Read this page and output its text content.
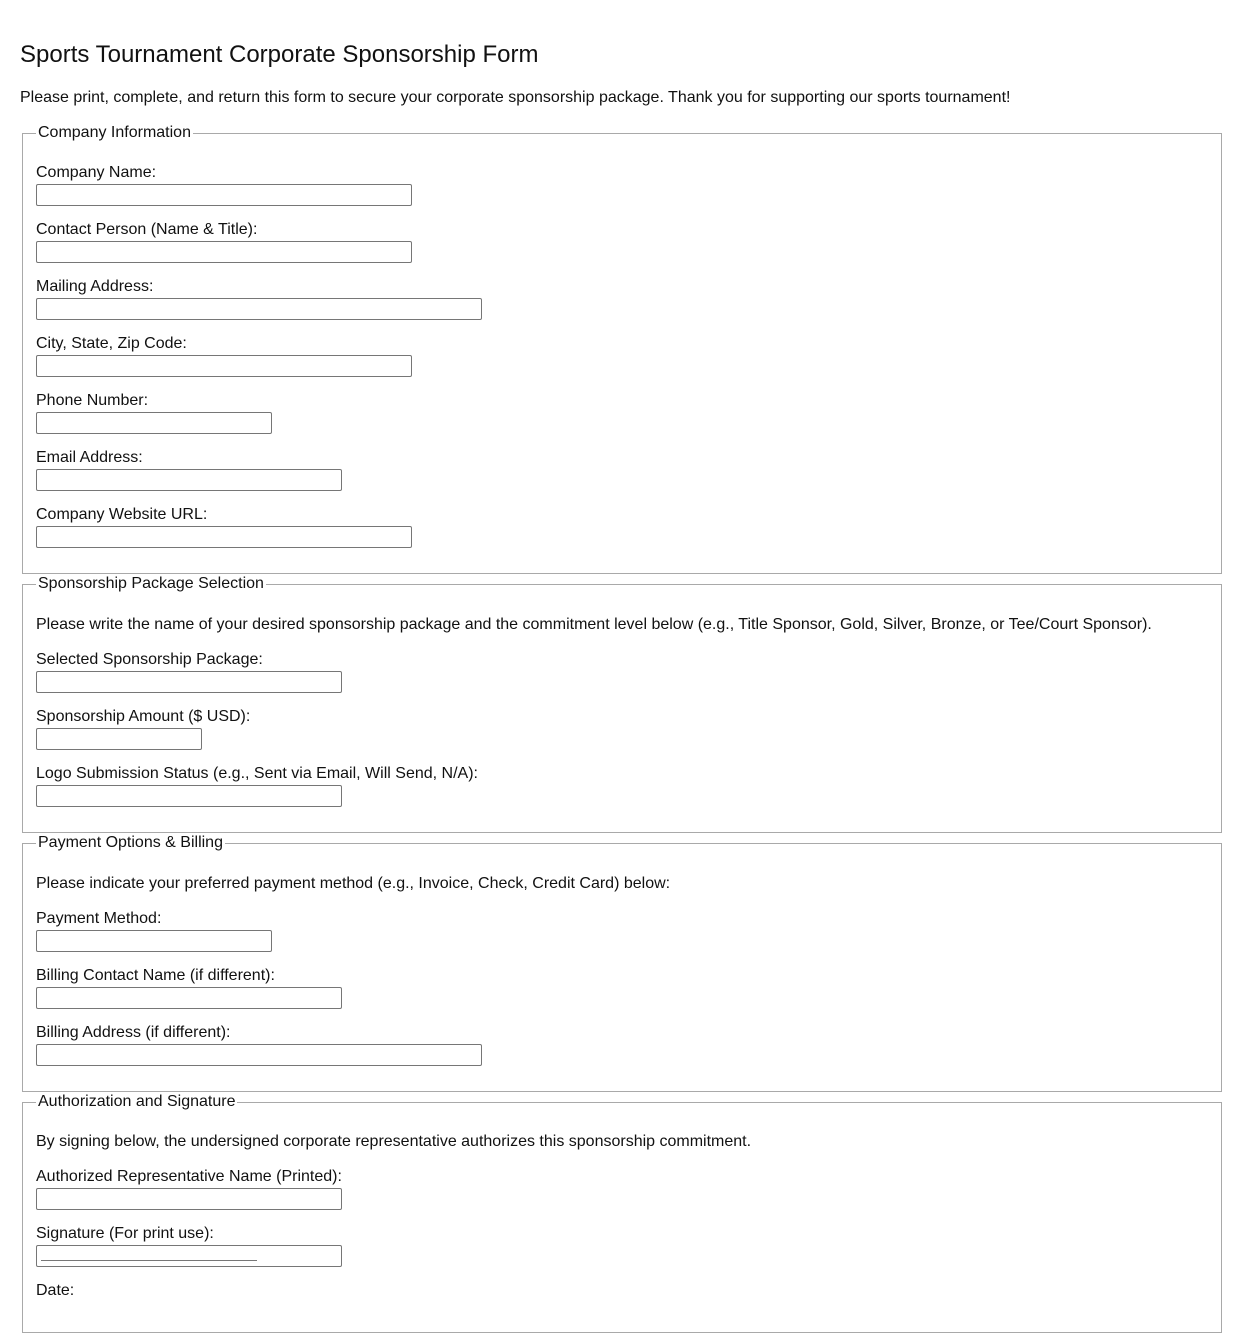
Sports Tournament Corporate Sponsorship Form

Please print, complete, and return this form to secure your corporate sponsorship package. Thank you for supporting our sports tournament!

Company Information
Company Name:
Contact Person (Name & Title):
Mailing Address:
City, State, Zip Code:
Phone Number:
Email Address:
Company Website URL:
Sponsorship Package Selection
Please write the name of your desired sponsorship package and the commitment level below (e.g., Title Sponsor, Gold, Silver, Bronze, or Tee/Court Sponsor).
Selected Sponsorship Package:
Sponsorship Amount ($ USD):
Logo Submission Status (e.g., Sent via Email, Will Send, N/A):
Payment Options & Billing
Please indicate your preferred payment method (e.g., Invoice, Check, Credit Card) below:
Payment Method:
Billing Contact Name (if different):
Billing Address (if different):
Authorization and Signature
By signing below, the undersigned corporate representative authorizes this sponsorship commitment.
Authorized Representative Name (Printed):
Signature (For print use):
Date:
